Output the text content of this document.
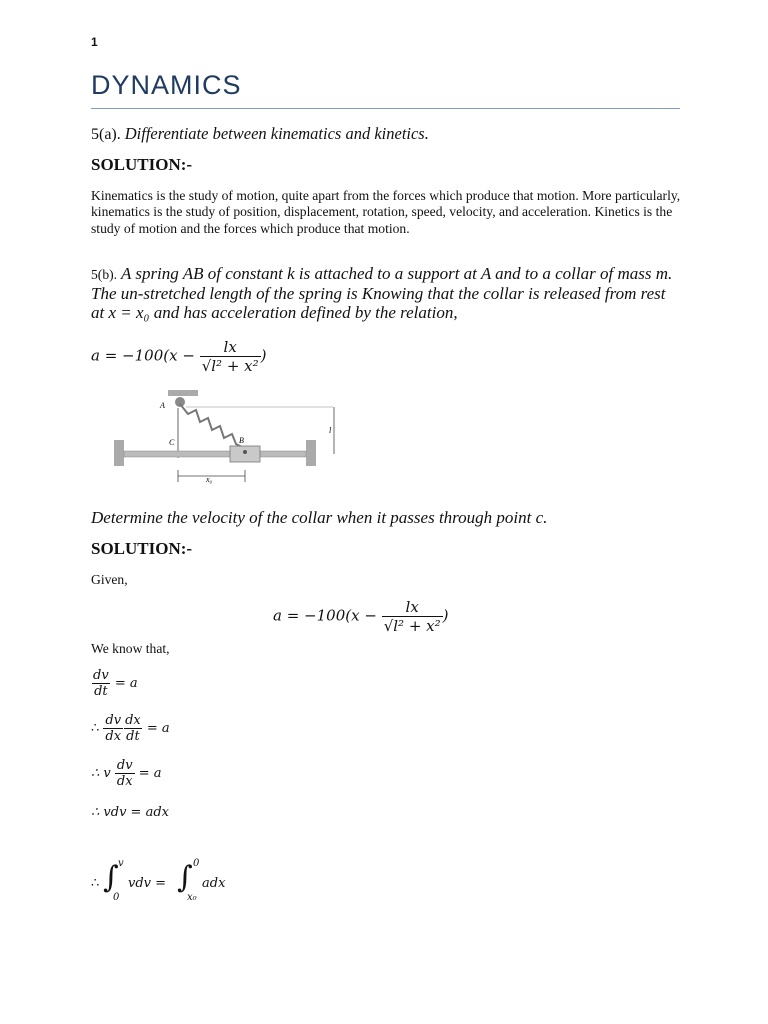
1
DYNAMICS
5(a). Differentiate between kinematics and kinetics.
SOLUTION:-
Kinematics is the study of motion, quite apart from the forces which produce that motion. More particularly, kinematics is the study of position, displacement, rotation, speed, velocity, and acceleration. Kinetics is the study of motion and the forces which produce that motion.
5(b). A spring AB of constant k is attached to a support at A and to a collar of mass m. The un-stretched length of the spring is Knowing that the collar is released from rest at x = x₀ and has acceleration defined by the relation,
$a = -100(x - \frac{lx}{\text{√l² + x²}}$ )
A
B
C
l
x₀
Determine the velocity of the collar when it passes through point c.
SOLUTION:-
Given,
$a = -100(x - \frac{lx}{\text{√l² + x²}}$ )
We know that,
$\frac{dv}{dt} = a$
∴ $\frac{dv}{dx} \frac{dx}{dt} = a$
∴ v $\frac{dv}{dx} = a$
∴ vdv = adx
∴ ∫ v
0
vdv = ∫ 0
x₀
adx
